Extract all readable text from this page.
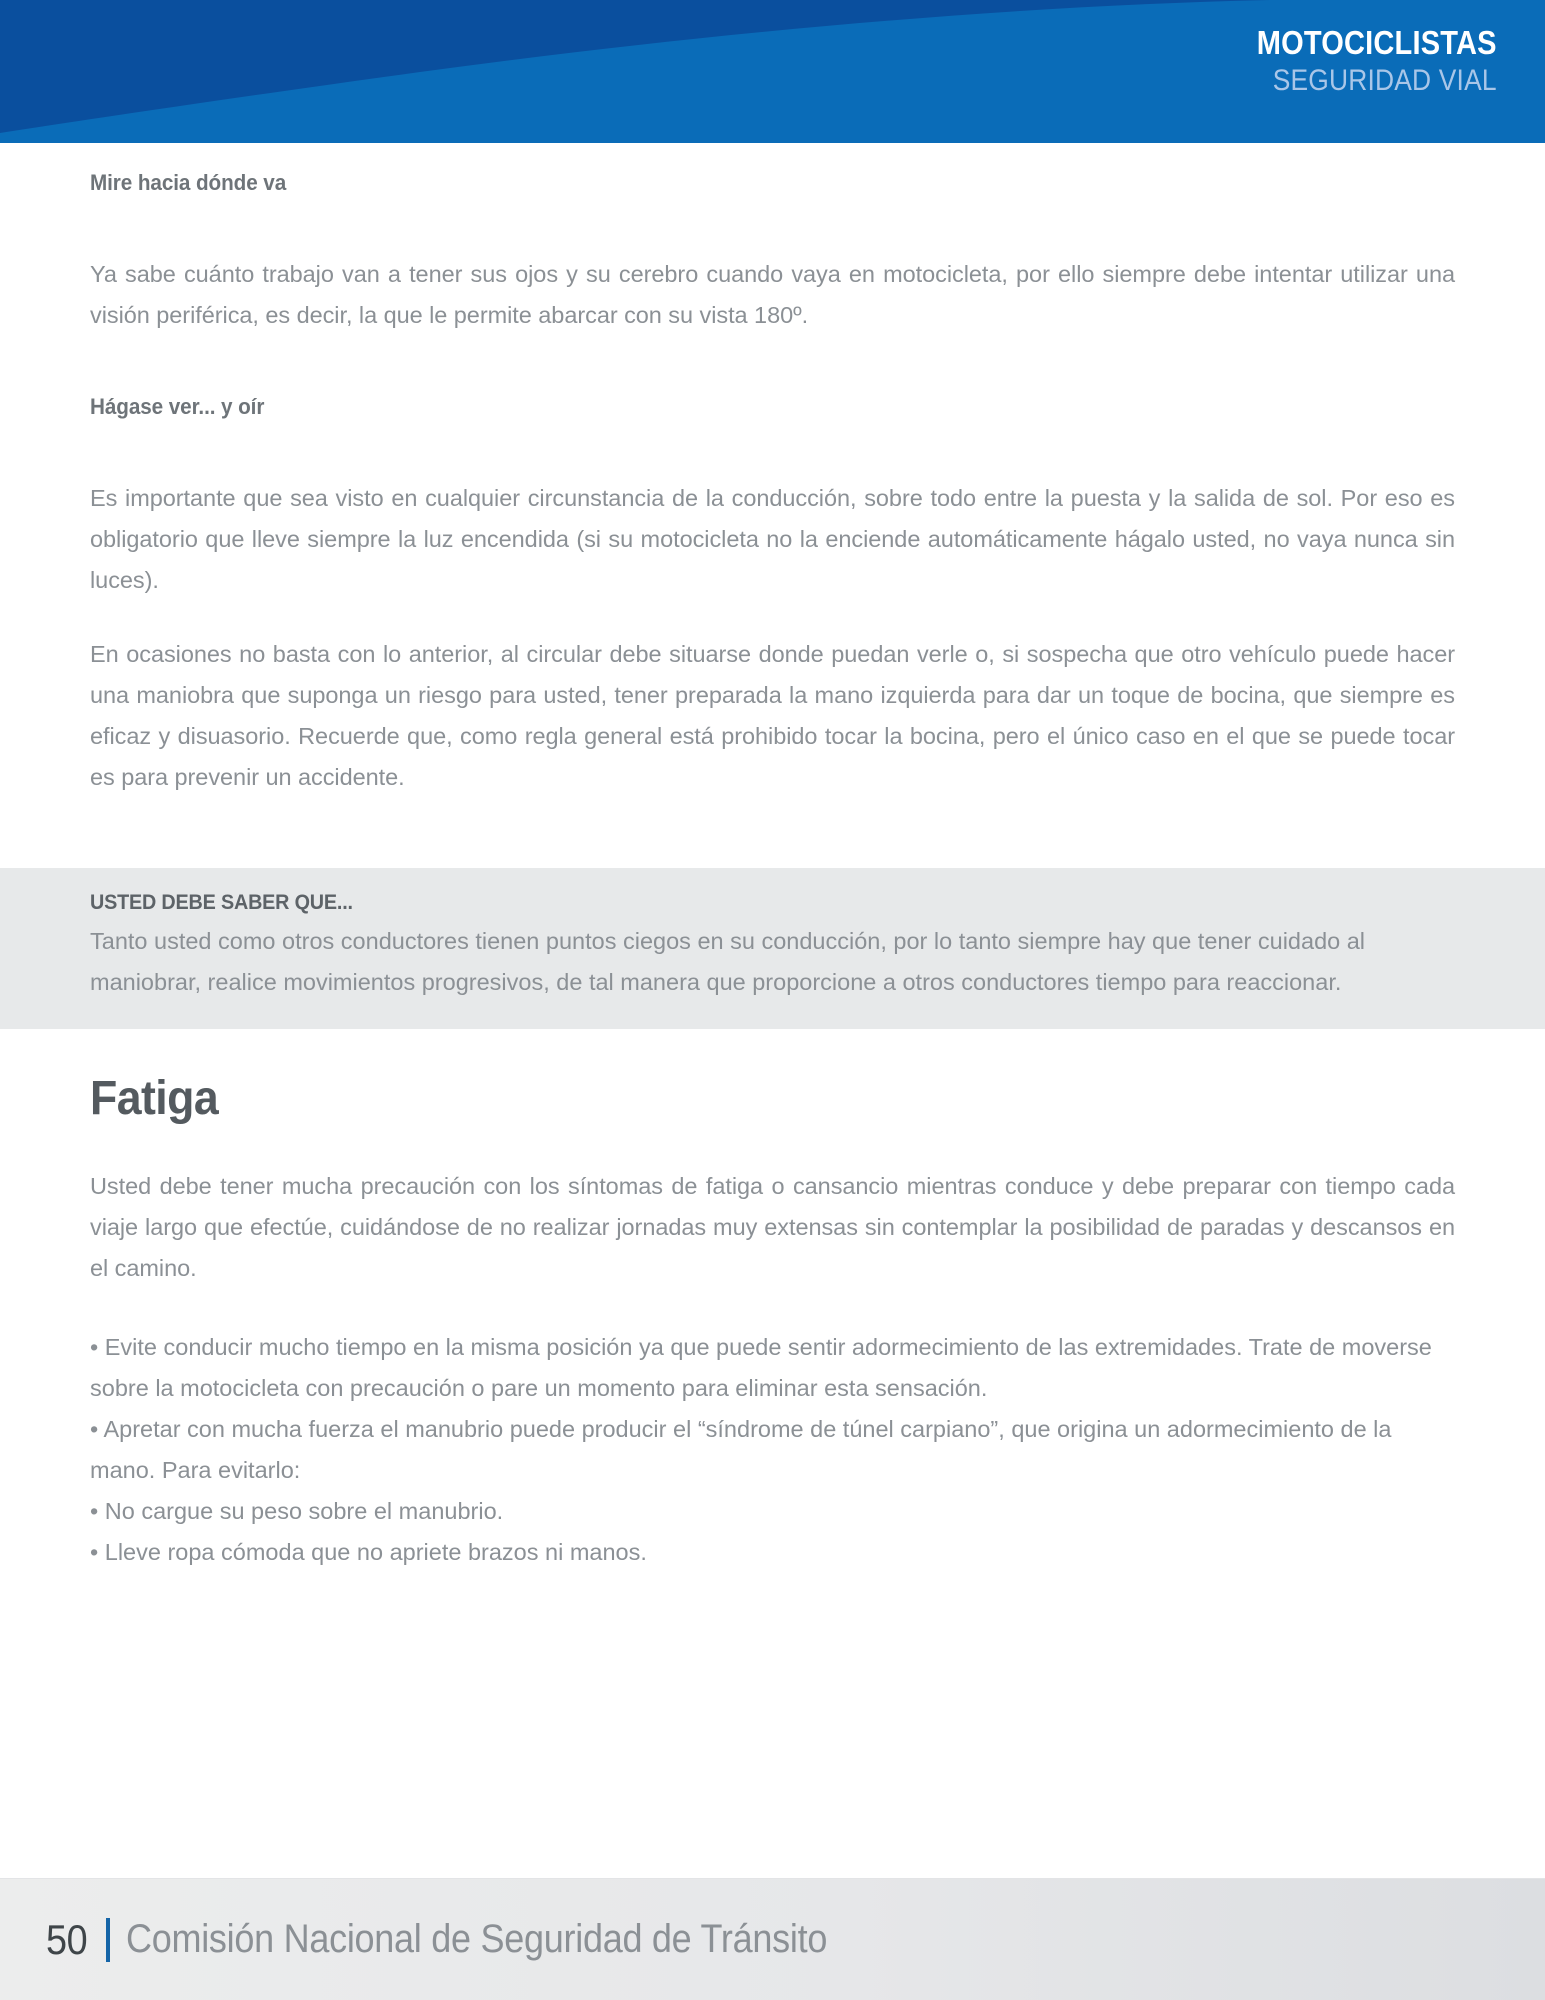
MOTOCICLISTAS
SEGURIDAD VIAL
Mire hacia dónde va

Ya sabe cuánto trabajo van a tener sus ojos y su cerebro cuando vaya en motocicleta, por ello siempre debe intentar utilizar una visión periférica, es decir, la que le permite abarcar con su vista 180º.

Hágase ver... y oír

Es importante que sea visto en cualquier circunstancia de la conducción, sobre todo entre la puesta y la salida de sol. Por eso es obligatorio que lleve siempre la luz encendida (si su motocicleta no la enciende automáticamente hágalo usted, no vaya nunca sin luces).

En ocasiones no basta con lo anterior, al circular debe situarse donde puedan verle o, si sospecha que otro vehículo puede hacer una maniobra que suponga un riesgo para usted, tener preparada la mano izquierda para dar un toque de bocina, que siempre es eficaz y disuasorio. Recuerde que, como regla general está prohibido tocar la bocina, pero el único caso en el que se puede tocar es para prevenir un accidente.

USTED DEBE SABER QUE...
Tanto usted como otros conductores tienen puntos ciegos en su conducción, por lo tanto siempre hay que tener cuidado al maniobrar, realice movimientos progresivos, de tal manera que proporcione a otros conductores tiempo para reaccionar.
Fatiga

Usted debe tener mucha precaución con los síntomas de fatiga o cansancio mientras conduce y debe preparar con tiempo cada viaje largo que efectúe, cuidándose de no realizar jornadas muy extensas sin contemplar la posibilidad de paradas y descansos en el camino.

• Evite conducir mucho tiempo en la misma posición ya que puede sentir adormecimiento de las extremidades. Trate de moverse sobre la motocicleta con precaución o pare un momento para eliminar esta sensación.
• Apretar con mucha fuerza el manubrio puede producir el “síndrome de túnel carpiano”, que origina un adormecimiento de la mano. Para evitarlo:
• No cargue su peso sobre el manubrio.
• Lleve ropa cómoda que no apriete brazos ni manos.
50 Comisión Nacional de Seguridad de Tránsito
